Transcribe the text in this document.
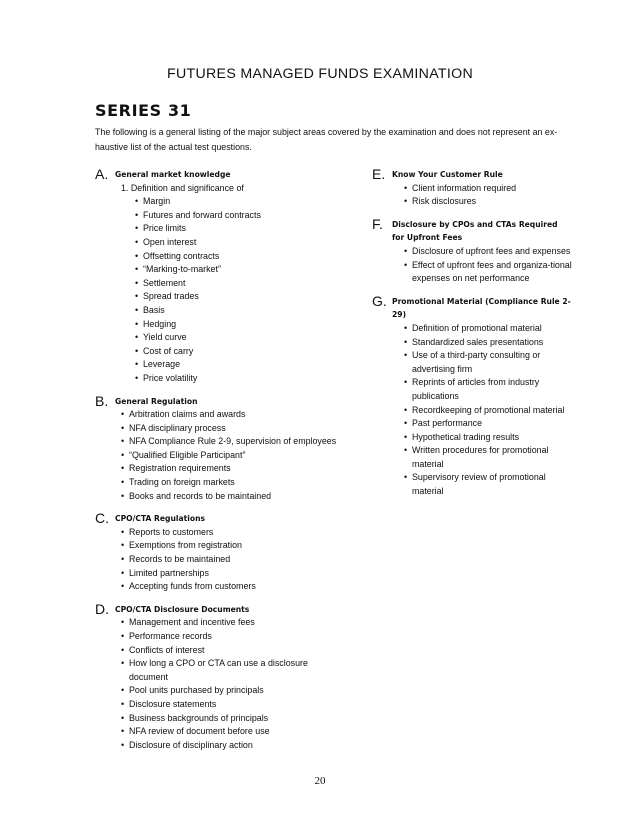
FUTURES MANAGED FUNDS EXAMINATION
SERIES 31
The following is a general listing of the major subject areas covered by the examination and does not represent an ex-haustive list of the actual test questions.
A. General market knowledge
1. Definition and significance of
• Margin
• Futures and forward contracts
• Price limits
• Open interest
• Offsetting contracts
• “Marking-to-market”
• Settlement
• Spread trades
• Basis
• Hedging
• Yield curve
• Cost of carry
• Leverage
• Price volatility
B. General Regulation
• Arbitration claims and awards
• NFA disciplinary process
• NFA Compliance Rule 2-9, supervision of employees
• “Qualified Eligible Participant”
• Registration requirements
• Trading on foreign markets
• Books and records to be maintained
C. CPO/CTA Regulations
• Reports to customers
• Exemptions from registration
• Records to be maintained
• Limited partnerships
• Accepting funds from customers
D. CPO/CTA Disclosure Documents
• Management and incentive fees
• Performance records
• Conflicts of interest
• How long a CPO or CTA can use a disclosure document
• Pool units purchased by principals
• Disclosure statements
• Business backgrounds of principals
• NFA review of document before use
• Disclosure of disciplinary action
E. Know Your Customer Rule
• Client information required
• Risk disclosures
F. Disclosure by CPOs and CTAs Required for Upfront Fees
• Disclosure of upfront fees and expenses
• Effect of upfront fees and organiza-tional expenses on net performance
G. Promotional Material (Compliance Rule 2-29)
• Definition of promotional material
• Standardized sales presentations
• Use of a third-party consulting or advertising firm
• Reprints of articles from industry publications
• Recordkeeping of promotional material
• Past performance
• Hypothetical trading results
• Written procedures for promotional material
• Supervisory review of promotional material
20
